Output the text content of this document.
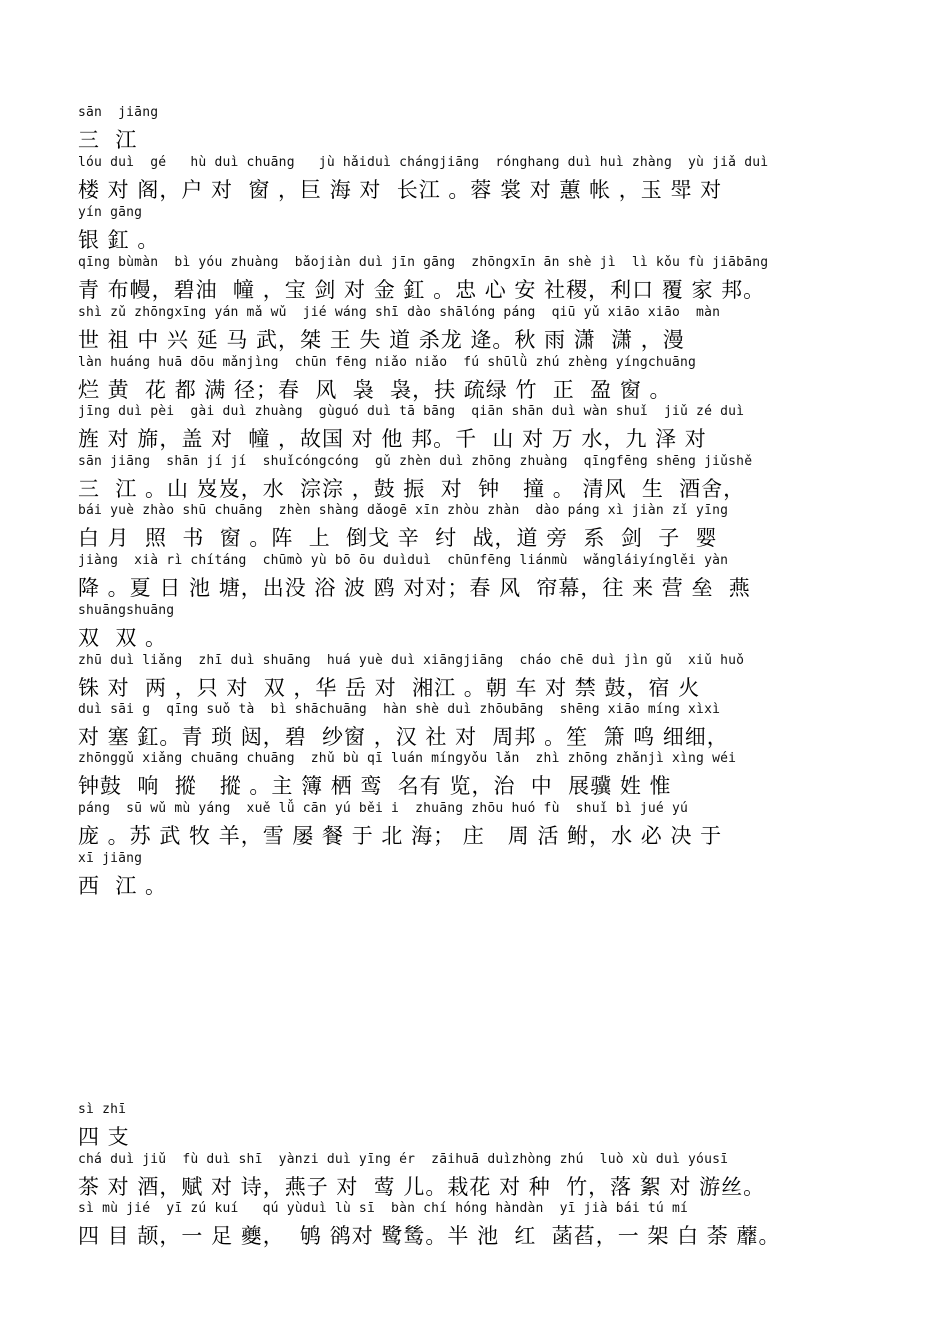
sān  jiāng
三  江
lóu duì  gé   hù duì chuāng   jù hǎiduì chángjiāng  rónghang duì huì zhàng  yù jiǎ duì
楼 对 阁，户 对  窗 ，巨 海 对  长江 。蓉 裳 对 蕙 帐 ，玉 斝 对
yín gāng
银 釭 。
qīng bùmàn  bì yóu zhuàng  bǎojiàn duì jīn gāng  zhōngxīn ān shè jì  lì kǒu fù jiābāng
青 布幔，碧油  幢 ，宝 剑 对 金 釭 。忠 心 安 社稷，利口 覆 家 邦。
shì zǔ zhōngxīng yán mǎ wǔ  jié wáng shī dào shālóng páng  qiū yǔ xiāo xiāo  màn
世 祖 中 兴 延 马 武，桀 王 失 道 杀龙 逄。秋 雨 潇  潇 ，漫
làn huáng huā dōu mǎnjìng  chūn fēng niǎo niǎo  fú shūlǜ zhú zhèng yíngchuāng
烂 黄  花 都 满 径；春  风  袅  袅，扶 疏绿 竹  正  盈 窗 。
jīng duì pèi  gài duì zhuàng  gùguó duì tā bāng  qiān shān duì wàn shuǐ  jiǔ zé duì
旌 对 旆，盖 对  幢 ，故国 对 他 邦。千  山 对 万 水，九 泽 对
sān jiāng  shān jí jí  shuǐcóngcóng  gǔ zhèn duì zhōng zhuàng  qīngfēng shēng jiǔshě
三  江 。山 岌岌，水  淙淙 ，鼓 振  对  钟   撞 。 清风  生  酒舍，
bái yuè zhào shū chuāng  zhèn shàng dǎogē xīn zhòu zhàn  dào páng xì jiàn zǐ yīng
白 月  照  书  窗 。阵  上  倒戈 辛  纣  战，道 旁  系  剑  子  婴
jiàng  xià rì chítáng  chūmò yù bō ōu duìduì  chūnfēng liánmù  wǎngláiyínglěi yàn
降 。夏 日 池 塘，出没 浴 波 鸥 对对；春 风  帘幕，往 来 营 垒  燕
shuāngshuāng
双  双 。
zhū duì liǎng  zhī duì shuāng  huá yuè duì xiāngjiāng  cháo chē duì jìn gǔ  xiǔ huǒ
铢 对  两 ，只 对  双 ，华 岳 对  湘江 。朝 车 对 禁 鼓，宿 火
duì sāi g  qīng suǒ tà  bì shāchuāng  hàn shè duì zhōubāng  shēng xiāo míng xìxì
对 塞 釭。青 琐 闼，碧  纱窗 ，汉 社 对  周邦 。笙  箫 鸣 细细，
zhōnggǔ xiǎng chuāng chuāng  zhǔ bù qī luán míngyǒu lǎn  zhì zhōng zhǎnjì xìng wéi
钟鼓  响  摐   摐 。主 簿 栖 鸾  名有 览，治  中  展骥 姓 惟
páng  sū wǔ mù yáng  xuě lǚ cān yú běi i  zhuāng zhōu huó fù  shuǐ bì jué yú
庞 。苏 武 牧 羊，雪 屡 餐 于 北 海； 庄   周 活 鲋，水 必 决 于
xī jiāng
西  江 。
sì zhī
四 支
chá duì jiǔ  fù duì shī  yànzi duì yīng ér  zāihuā duìzhòng zhú  luò xù duì yóusī
茶 对 酒，赋 对 诗，燕子 对  莺 儿。栽花 对 种  竹，落 絮 对 游丝。
sì mù jié  yī zú kuí   qú yùduì lù sī  bàn chí hóng hàndàn  yī jià bái tú mí
四 目 颉，一 足 夔，  鸲 鹆对 鹭鸶。半 池  红  菡萏，一 架 白 荼 蘼。
